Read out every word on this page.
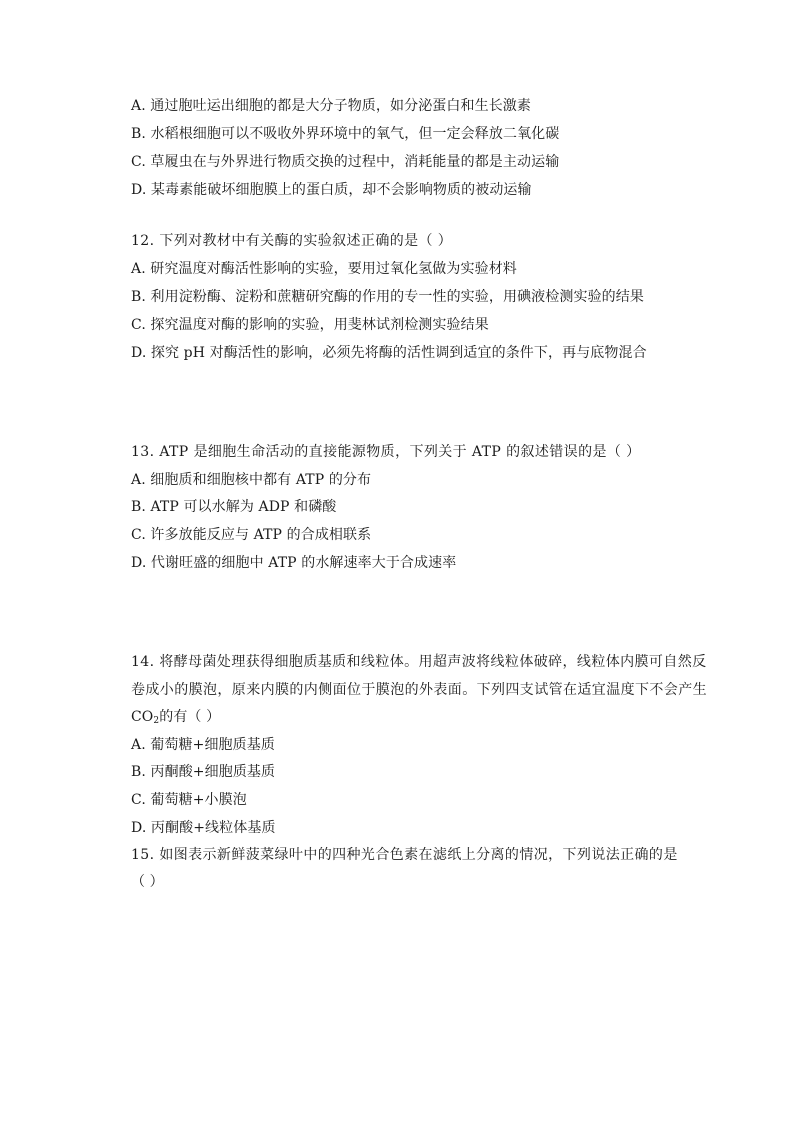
A. 通过胞吐运出细胞的都是大分子物质，如分泌蛋白和生长激素
B. 水稻根细胞可以不吸收外界环境中的氧气，但一定会释放二氧化碳
C. 草履虫在与外界进行物质交换的过程中，消耗能量的都是主动运输
D. 某毒素能破坏细胞膜上的蛋白质，却不会影响物质的被动运输
12. 下列对教材中有关酶的实验叙述正确的是（ ）
A. 研究温度对酶活性影响的实验，要用过氧化氢做为实验材料
B. 利用淀粉酶、淀粉和蔗糖研究酶的作用的专一性的实验，用碘液检测实验的结果
C. 探究温度对酶的影响的实验，用斐林试剂检测实验结果
D. 探究 pH 对酶活性的影响，必须先将酶的活性调到适宜的条件下，再与底物混合
13. ATP 是细胞生命活动的直接能源物质，下列关于 ATP 的叙述错误的是（ ）
A. 细胞质和细胞核中都有 ATP 的分布
B. ATP 可以水解为 ADP 和磷酸
C. 许多放能反应与 ATP 的合成相联系
D. 代谢旺盛的细胞中 ATP 的水解速率大于合成速率
14. 将酵母菌处理获得细胞质基质和线粒体。用超声波将线粒体破碎，线粒体内膜可自然反
卷成小的膜泡，原来内膜的内侧面位于膜泡的外表面。下列四支试管在适宜温度下不会产生
$CO_2$的有（ ）
A. 葡萄糖+细胞质基质
B. 丙酮酸+细胞质基质
C. 葡萄糖+小膜泡
D. 丙酮酸+线粒体基质
15. 如图表示新鲜菠菜绿叶中的四种光合色素在滤纸上分离的情况，下列说法正确的是
（ ）
